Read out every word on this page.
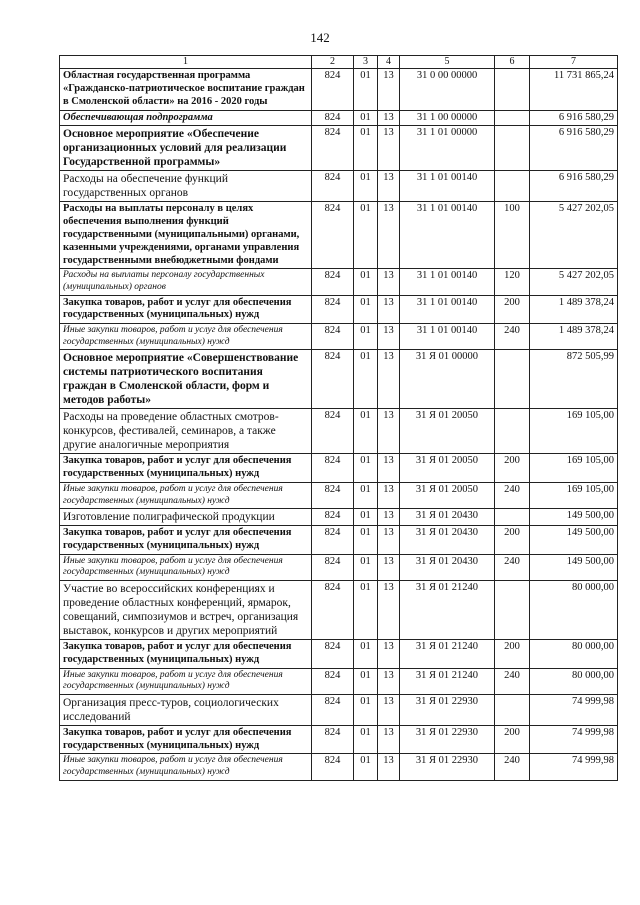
142
1	2	3	4	5	6	7
Областная государственная программа «Гражданско-патриотическое воспитание граждан в Смоленской области» на 2016 - 2020 годы	824	01	13	31 0 00 00000		11 731 865,24
Обеспечивающая подпрограмма	824	01	13	31 1 00 00000		6 916 580,29
Основное мероприятие «Обеспечение организационных условий для реализации Государственной программы»	824	01	13	31 1 01 00000		6 916 580,29
Расходы на обеспечение функций государственных органов	824	01	13	31 1 01 00140		6 916 580,29
Расходы на выплаты персоналу в целях обеспечения выполнения функций государственными (муниципальными) органами, казенными учреждениями, органами управления государственными внебюджетными фондами	824	01	13	31 1 01 00140	100	5 427 202,05
Расходы на выплаты персоналу государственных (муниципальных) органов	824	01	13	31 1 01 00140	120	5 427 202,05
Закупка товаров, работ и услуг для обеспечения государственных (муниципальных) нужд	824	01	13	31 1 01 00140	200	1 489 378,24
Иные закупки товаров, работ и услуг для обеспечения государственных (муниципальных) нужд	824	01	13	31 1 01 00140	240	1 489 378,24
Основное мероприятие «Совершенствование системы патриотического воспитания граждан в Смоленской области, форм и методов работы»	824	01	13	31 Я 01 00000		872 505,99
Расходы на проведение областных смотров-конкурсов, фестивалей, семинаров, а также другие аналогичные мероприятия	824	01	13	31 Я 01 20050		169 105,00
Закупка товаров, работ и услуг для обеспечения государственных (муниципальных) нужд	824	01	13	31 Я 01 20050	200	169 105,00
Иные закупки товаров, работ и услуг для обеспечения государственных (муниципальных) нужд	824	01	13	31 Я 01 20050	240	169 105,00
Изготовление полиграфической продукции	824	01	13	31 Я 01 20430		149 500,00
Закупка товаров, работ и услуг для обеспечения государственных (муниципальных) нужд	824	01	13	31 Я 01 20430	200	149 500,00
Иные закупки товаров, работ и услуг для обеспечения государственных (муниципальных) нужд	824	01	13	31 Я 01 20430	240	149 500,00
Участие во всероссийских конференциях и проведение областных конференций, ярмарок, совещаний, симпозиумов и встреч, организация выставок, конкурсов и других мероприятий	824	01	13	31 Я 01 21240		80 000,00
Закупка товаров, работ и услуг для обеспечения государственных (муниципальных) нужд	824	01	13	31 Я 01 21240	200	80 000,00
Иные закупки товаров, работ и услуг для обеспечения государственных (муниципальных) нужд	824	01	13	31 Я 01 21240	240	80 000,00
Организация пресс-туров, социологических исследований	824	01	13	31 Я 01 22930		74 999,98
Закупка товаров, работ и услуг для обеспечения государственных (муниципальных) нужд	824	01	13	31 Я 01 22930	200	74 999,98
Иные закупки товаров, работ и услуг для обеспечения государственных (муниципальных) нужд	824	01	13	31 Я 01 22930	240	74 999,98
